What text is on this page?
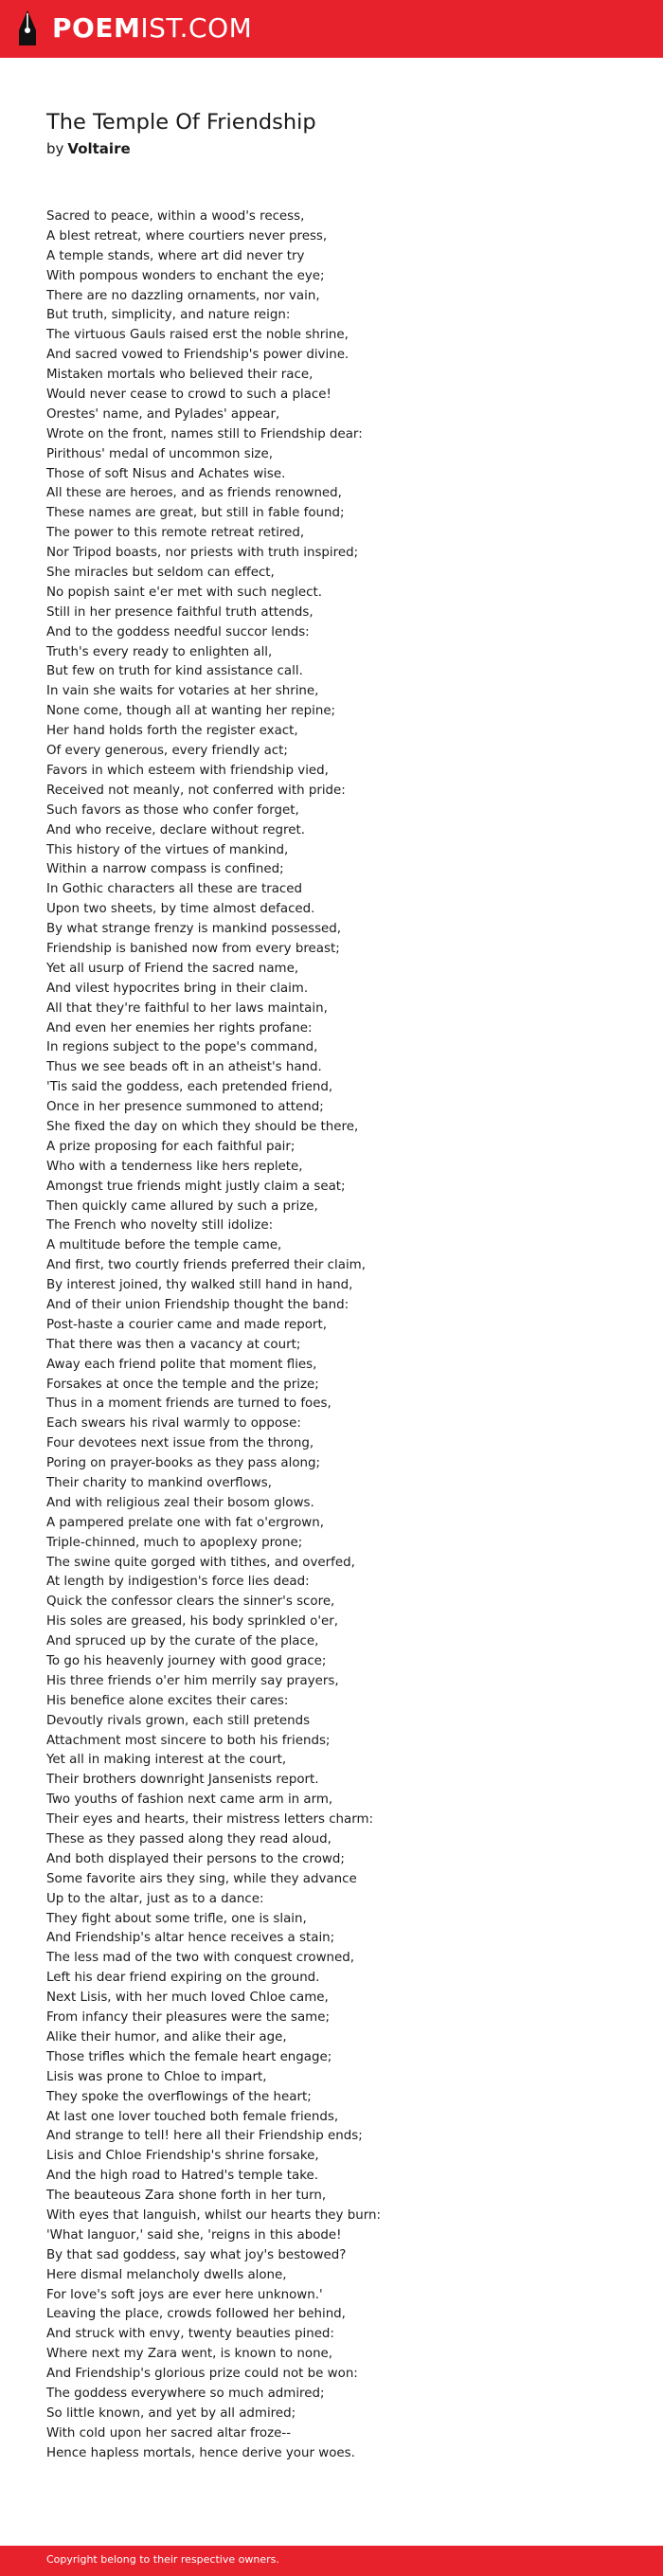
POEMIST.COM
The Temple Of Friendship
by Voltaire
Sacred to peace, within a wood's recess,
A blest retreat, where courtiers never press,
A temple stands, where art did never try
With pompous wonders to enchant the eye;
There are no dazzling ornaments, nor vain,
But truth, simplicity, and nature reign:
The virtuous Gauls raised erst the noble shrine,
And sacred vowed to Friendship's power divine.
Mistaken mortals who believed their race,
Would never cease to crowd to such a place!
Orestes' name, and Pylades' appear,
Wrote on the front, names still to Friendship dear:
Pirithous' medal of uncommon size,
Those of soft Nisus and Achates wise.
All these are heroes, and as friends renowned,
These names are great, but still in fable found;
The power to this remote retreat retired,
Nor Tripod boasts, nor priests with truth inspired;
She miracles but seldom can effect,
No popish saint e'er met with such neglect.
Still in her presence faithful truth attends,
And to the goddess needful succor lends:
Truth's every ready to enlighten all,
But few on truth for kind assistance call.
In vain she waits for votaries at her shrine,
None come, though all at wanting her repine;
Her hand holds forth the register exact,
Of every generous, every friendly act;
Favors in which esteem with friendship vied,
Received not meanly, not conferred with pride:
Such favors as those who confer forget,
And who receive, declare without regret.
This history of the virtues of mankind,
Within a narrow compass is confined;
In Gothic characters all these are traced
Upon two sheets, by time almost defaced.
By what strange frenzy is mankind possessed,
Friendship is banished now from every breast;
Yet all usurp of Friend the sacred name,
And vilest hypocrites bring in their claim.
All that they're faithful to her laws maintain,
And even her enemies her rights profane:
In regions subject to the pope's command,
Thus we see beads oft in an atheist's hand.
'Tis said the goddess, each pretended friend,
Once in her presence summoned to attend;
She fixed the day on which they should be there,
A prize proposing for each faithful pair;
Who with a tenderness like hers replete,
Amongst true friends might justly claim a seat;
Then quickly came allured by such a prize,
The French who novelty still idolize:
A multitude before the temple came,
And first, two courtly friends preferred their claim,
By interest joined, thy walked still hand in hand,
And of their union Friendship thought the band:
Post-haste a courier came and made report,
That there was then a vacancy at court;
Away each friend polite that moment flies,
Forsakes at once the temple and the prize;
Thus in a moment friends are turned to foes,
Each swears his rival warmly to oppose:
Four devotees next issue from the throng,
Poring on prayer-books as they pass along;
Their charity to mankind overflows,
And with religious zeal their bosom glows.
A pampered prelate one with fat o'ergrown,
Triple-chinned, much to apoplexy prone;
The swine quite gorged with tithes, and overfed,
At length by indigestion's force lies dead:
Quick the confessor clears the sinner's score,
His soles are greased, his body sprinkled o'er,
And spruced up by the curate of the place,
To go his heavenly journey with good grace;
His three friends o'er him merrily say prayers,
His benefice alone excites their cares:
Devoutly rivals grown, each still pretends
Attachment most sincere to both his friends;
Yet all in making interest at the court,
Their brothers downright Jansenists report.
Two youths of fashion next came arm in arm,
Their eyes and hearts, their mistress letters charm:
These as they passed along they read aloud,
And both displayed their persons to the crowd;
Some favorite airs they sing, while they advance
Up to the altar, just as to a dance:
They fight about some trifle, one is slain,
And Friendship's altar hence receives a stain;
The less mad of the two with conquest crowned,
Left his dear friend expiring on the ground.
Next Lisis, with her much loved Chloe came,
From infancy their pleasures were the same;
Alike their humor, and alike their age,
Those trifles which the female heart engage;
Lisis was prone to Chloe to impart,
They spoke the overflowings of the heart;
At last one lover touched both female friends,
And strange to tell! here all their Friendship ends;
Lisis and Chloe Friendship's shrine forsake,
And the high road to Hatred's temple take.
The beauteous Zara shone forth in her turn,
With eyes that languish, whilst our hearts they burn:
'What languor,' said she, 'reigns in this abode!
By that sad goddess, say what joy's bestowed?
Here dismal melancholy dwells alone,
For love's soft joys are ever here unknown.'
Leaving the place, crowds followed her behind,
And struck with envy, twenty beauties pined:
Where next my Zara went, is known to none,
And Friendship's glorious prize could not be won:
The goddess everywhere so much admired;
So little known, and yet by all admired;
With cold upon her sacred altar froze--
Hence hapless mortals, hence derive your woes.
Copyright belong to their respective owners.
